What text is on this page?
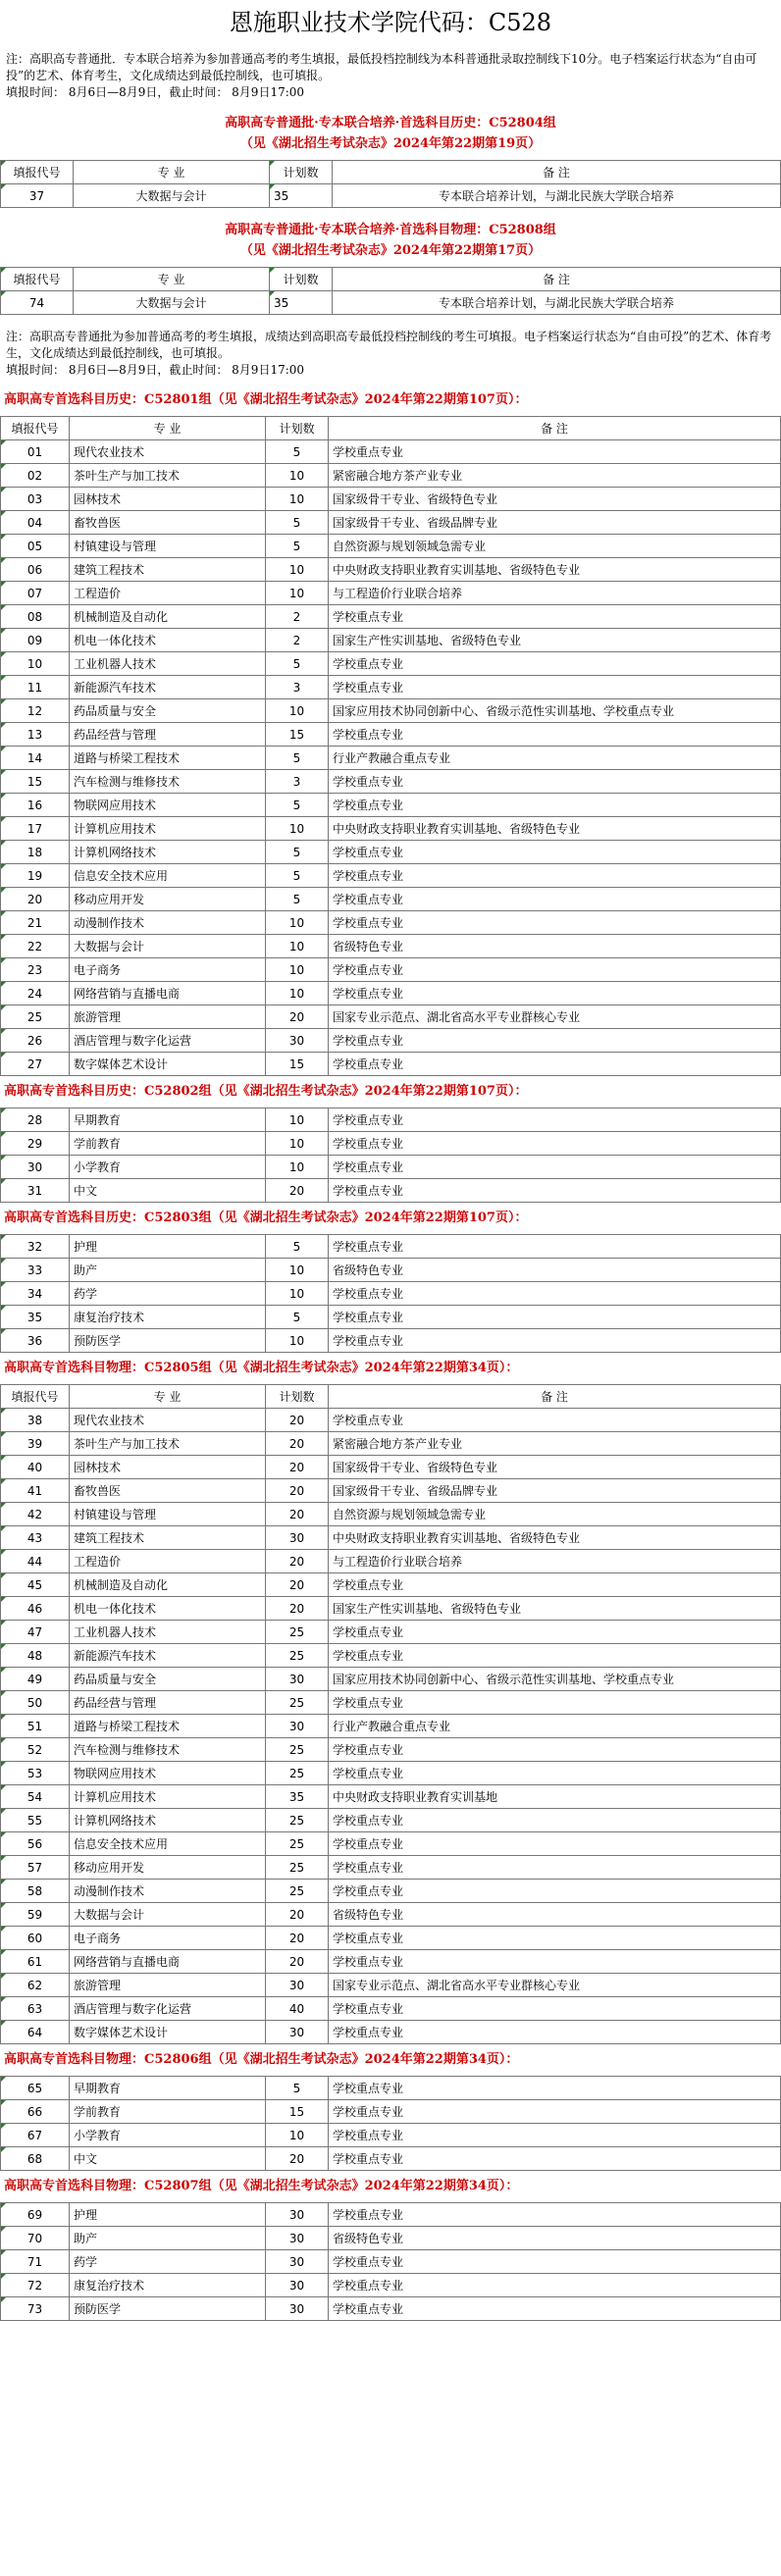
恩施职业技术学院代码：C528
注：高职高专普通批．专本联合培养为参加普通高考的考生填报，最低投档控制线为本科普通批录取控制线下10分。电子档案运行状态为“自由可投”的艺术、体育考生，文化成绩达到最低控制线，也可填报。
填报时间： 8月6日—8月9日，截止时间： 8月9日17:00
高职高专普通批·专本联合培养·首选科目历史：C52804组
（见《湖北招生考试杂志》2024年第22期第19页）
填报代号	专 业	计划数	备 注
37	大数据与会计	35	专本联合培养计划，与湖北民族大学联合培养
高职高专普通批·专本联合培养·首选科目物理：C52808组
（见《湖北招生考试杂志》2024年第22期第17页）
填报代号	专 业	计划数	备 注
74	大数据与会计	35	专本联合培养计划，与湖北民族大学联合培养
注：高职高专普通批为参加普通高考的考生填报，成绩达到高职高专最低投档控制线的考生可填报。电子档案运行状态为“自由可投”的艺术、体育考生，文化成绩达到最低控制线，也可填报。
填报时间： 8月6日—8月9日，截止时间： 8月9日17:00
高职高专首选科目历史：C52801组（见《湖北招生考试杂志》2024年第22期第107页）：
填报代号	专 业	计划数	备 注
01	现代农业技术	5	学校重点专业
02	茶叶生产与加工技术	10	紧密融合地方茶产业专业
03	园林技术	10	国家级骨干专业、省级特色专业
04	畜牧兽医	5	国家级骨干专业、省级品牌专业
05	村镇建设与管理	5	自然资源与规划领域急需专业
06	建筑工程技术	10	中央财政支持职业教育实训基地、省级特色专业
07	工程造价	10	与工程造价行业联合培养
08	机械制造及自动化	2	学校重点专业
09	机电一体化技术	2	国家生产性实训基地、省级特色专业
10	工业机器人技术	5	学校重点专业
11	新能源汽车技术	3	学校重点专业
12	药品质量与安全	10	国家应用技术协同创新中心、省级示范性实训基地、学校重点专业
13	药品经营与管理	15	学校重点专业
14	道路与桥梁工程技术	5	行业产教融合重点专业
15	汽车检测与维修技术	3	学校重点专业
16	物联网应用技术	5	学校重点专业
17	计算机应用技术	10	中央财政支持职业教育实训基地、省级特色专业
18	计算机网络技术	5	学校重点专业
19	信息安全技术应用	5	学校重点专业
20	移动应用开发	5	学校重点专业
21	动漫制作技术	10	学校重点专业
22	大数据与会计	10	省级特色专业
23	电子商务	10	学校重点专业
24	网络营销与直播电商	10	学校重点专业
25	旅游管理	20	国家专业示范点、湖北省高水平专业群核心专业
26	酒店管理与数字化运营	30	学校重点专业
27	数字媒体艺术设计	15	学校重点专业
高职高专首选科目历史：C52802组（见《湖北招生考试杂志》2024年第22期第107页）：
28	早期教育	10	学校重点专业
29	学前教育	10	学校重点专业
30	小学教育	10	学校重点专业
31	中文	20	学校重点专业
高职高专首选科目历史：C52803组（见《湖北招生考试杂志》2024年第22期第107页）：
32	护理	5	学校重点专业
33	助产	10	省级特色专业
34	药学	10	学校重点专业
35	康复治疗技术	5	学校重点专业
36	预防医学	10	学校重点专业
高职高专首选科目物理：C52805组（见《湖北招生考试杂志》2024年第22期第34页）：
填报代号	专 业	计划数	备 注
38	现代农业技术	20	学校重点专业
39	茶叶生产与加工技术	20	紧密融合地方茶产业专业
40	园林技术	20	国家级骨干专业、省级特色专业
41	畜牧兽医	20	国家级骨干专业、省级品牌专业
42	村镇建设与管理	20	自然资源与规划领域急需专业
43	建筑工程技术	30	中央财政支持职业教育实训基地、省级特色专业
44	工程造价	20	与工程造价行业联合培养
45	机械制造及自动化	20	学校重点专业
46	机电一体化技术	20	国家生产性实训基地、省级特色专业
47	工业机器人技术	25	学校重点专业
48	新能源汽车技术	25	学校重点专业
49	药品质量与安全	30	国家应用技术协同创新中心、省级示范性实训基地、学校重点专业
50	药品经营与管理	25	学校重点专业
51	道路与桥梁工程技术	30	行业产教融合重点专业
52	汽车检测与维修技术	25	学校重点专业
53	物联网应用技术	25	学校重点专业
54	计算机应用技术	35	中央财政支持职业教育实训基地
55	计算机网络技术	25	学校重点专业
56	信息安全技术应用	25	学校重点专业
57	移动应用开发	25	学校重点专业
58	动漫制作技术	25	学校重点专业
59	大数据与会计	20	省级特色专业
60	电子商务	20	学校重点专业
61	网络营销与直播电商	20	学校重点专业
62	旅游管理	30	国家专业示范点、湖北省高水平专业群核心专业
63	酒店管理与数字化运营	40	学校重点专业
64	数字媒体艺术设计	30	学校重点专业
高职高专首选科目物理：C52806组（见《湖北招生考试杂志》2024年第22期第34页）：
65	早期教育	5	学校重点专业
66	学前教育	15	学校重点专业
67	小学教育	10	学校重点专业
68	中文	20	学校重点专业
高职高专首选科目物理：C52807组（见《湖北招生考试杂志》2024年第22期第34页）：
69	护理	30	学校重点专业
70	助产	30	省级特色专业
71	药学	30	学校重点专业
72	康复治疗技术	30	学校重点专业
73	预防医学	30	学校重点专业
